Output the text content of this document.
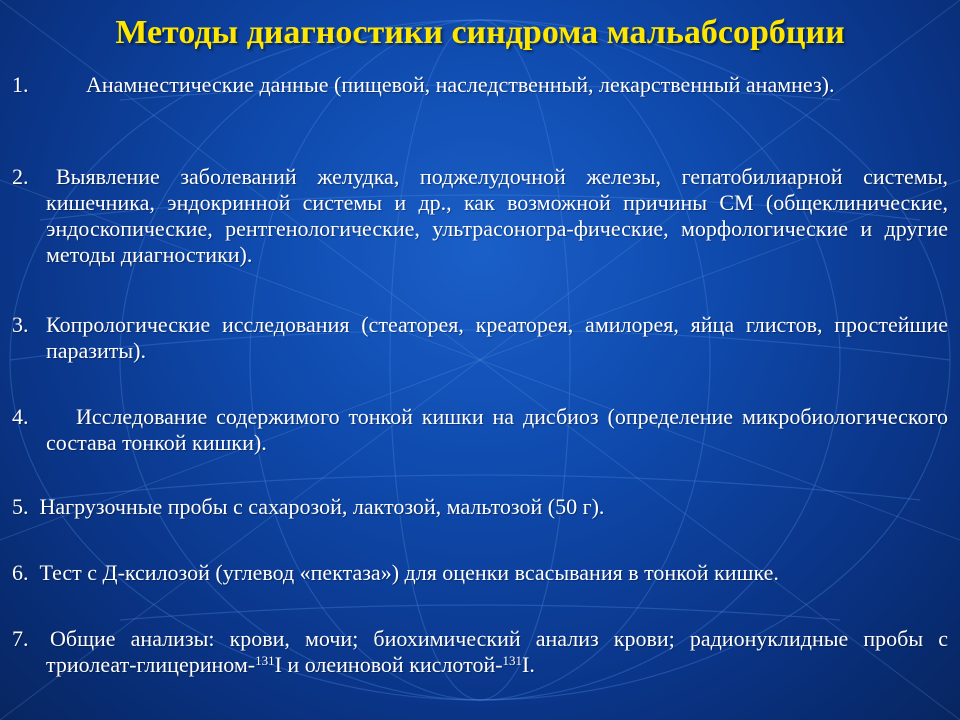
Методы диагностики синдрома мальабсорбции
1.	Анамнестические данные (пищевой, наследственный, лекарственный анамнез).
2.	Выявление заболеваний желудка, поджелудочной железы, гепатобилиарной системы, кишечника, эндокринной системы и др., как возможной причины СМ (общеклинические, эндоскопические, рентгенологические, ультрасоногра-фические, морфологические и другие методы диагностики).
3. Копрологические исследования (стеаторея, креаторея, амилорея, яйца глистов, простейшие паразиты).
4.	Исследование содержимого тонкой кишки на дисбиоз (определение микробиологического состава тонкой кишки).
5. Нагрузочные пробы с сахарозой, лактозой, мальтозой (50 г).
6. Тест с Д-ксилозой (углевод «пектаза») для оценки всасывания в тонкой кишке.
7. Общие анализы: крови, мочи; биохимический анализ крови; радионуклидные пробы с триолеат-глицерином-$^{131}$I и олеиновой кислотой-$^{131}$I.
